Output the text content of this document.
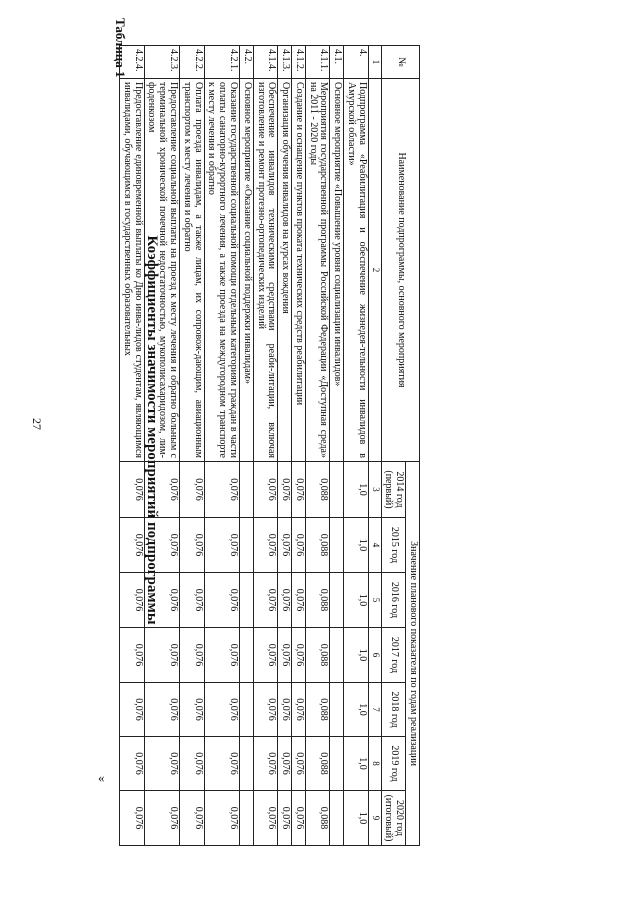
27
«
Таблица 1
Коэффициенты значимости мероприятий подпрограммы
№	Наименование подпрограммы, основного мероприятия	Значение планового показателя по годам реализации						
		2014 год (первый)	2015 год	2016 год	2017 год	2018 год	2019 год	2020 год (итоговый)
1	2	3	4	5	6	7	8	9
4.	Подпрограмма «Реабилитация и обеспечение жизнедея-тельности инвалидов в Амурской области»	1,0	1,0	1,0	1,0	1,0	1,0	1,0
4.1.	Основное мероприятие «Повышение уровня социализации инвалидов»							
4.1.1.	Мероприятия государственной программы Российской Федерации «Доступная среда» на 2011 - 2020 годы	0,088	0,088	0,088	0,088	0,088	0,088	0,088
4.1.2.	Создание и оснащение пунктов проката технических средств реабилитации	0,076	0,076	0,076	0,076	0,076	0,076	0,076
4.1.3.	Организация обучения инвалидов на курсах вождения	0,076	0,076	0,076	0,076	0,076	0,076	0,076
4.1.4.	Обеспечение инвалидов техническими средствами реаби-литации, включая изготовление и ремонт протезно-ортопедических изделий	0,076	0,076	0,076	0,076	0,076	0,076	0,076
4.2.	Основное мероприятие «Оказание социальной поддержки инвалидам»							
4.2.1.	Оказание государственной социальной помощи отдельным категориям граждан в части оплаты санаторно-курортного лечения, а также проезда на междугородном транспорте к месту лечения и обратно	0,076	0,076	0,076	0,076	0,076	0,076	0,076
4.2.2.	Оплата проезда инвалидам, а также лицам, их сопровож-дающим, авиационным транспортом к месту лечения и обратно	0,076	0,076	0,076	0,076	0,076	0,076	0,076
4.2.3.	Предоставление социальной выплаты на проезд к месту лечения и обратно больным с терминальной хронической почечной недостаточностью, мукополисахаридозом, лим-фоденкозом	0,076	0,076	0,076	0,076	0,076	0,076	0,076
4.2.4.	Предоставление единовременной выплаты ко Дню инва-лидов студентам, являющимся инвалидами, обучающимся в государственных образовательных	0,076	0,076	0,076	0,076	0,076	0,076	0,076
